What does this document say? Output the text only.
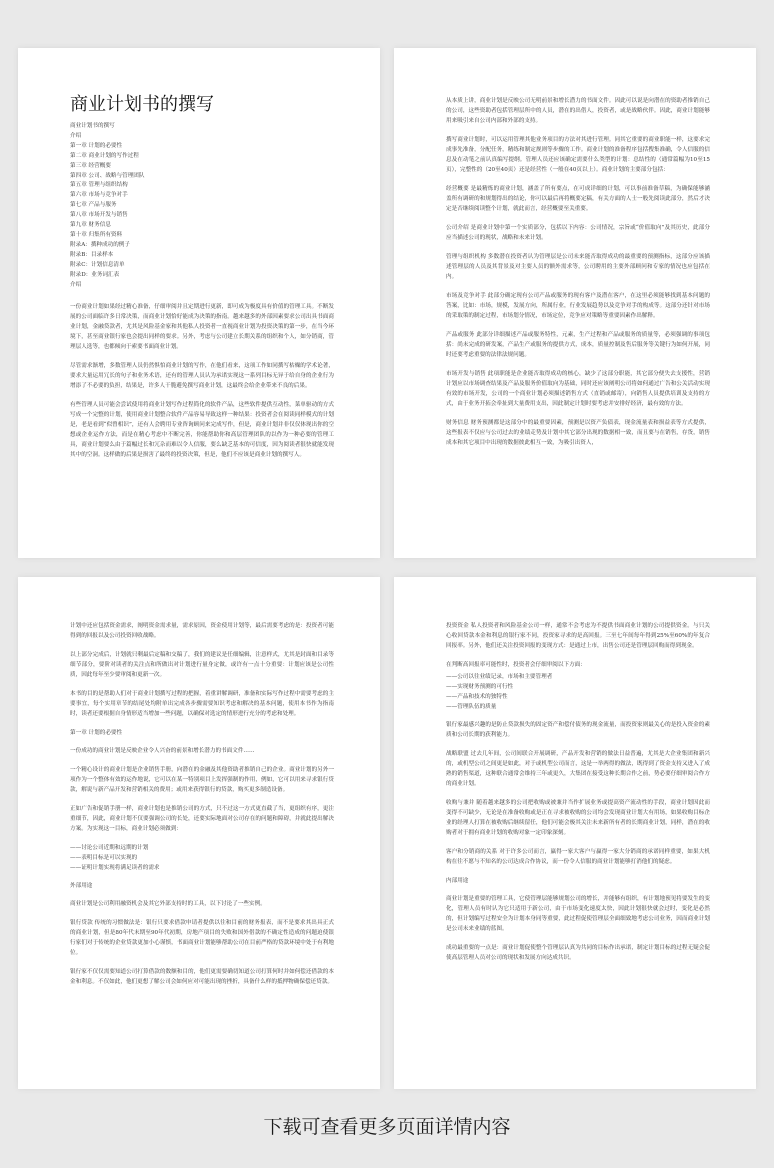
商业计划书的撰写
商业计划书的撰写
介绍
第一章 计划的必要性
第二章 商业计划的写作过程
第三章 经营概要
第四章 公司、战略与管理团队
第五章 管理与组织结构
第六章 市场与竞争对手
第七章 产品与服务
第八章 市场开发与销售
第九章 财务信息
第十章 归集所有资料
附录A：撰种成功的例子
附录B：目录样本
附录C：计划信息清单
附录D：业务词汇表
介绍

一份商业计划如果经过精心准备，仔细审阅并且定期进行更新，即可成为极度具有价值的管理工具。不断发展的公司面临许多日常决策，而商业计划恰好能成为决策的指南。越来越多的外部因素要求公司出具书面商业计划，金融贷款者，尤其是风险基金家和其他私人投资者一直视商业计划为投资决策的第一步，在当今环境下，甚至商业银行家也会提出同样的要求。另外，考虑与公司建立长期关系的组织和个人，如分销商，管理层人选等，也都倾向于索要书面商业计划。

尽管需求渐增，多数管理人员仍然惧怕商业计划的写作，在他们看来，这项工作如同撰写枯燥的学术论著，要求大量运用冗长的句子和业务术语，还有的管理人员认为承诺实现这一系列目标无异于给自身的企业行为增添了不必要的负担，结果是，许多人干脆避免撰写商业计划，这最终会给企业带来不良的后果。

有些管理人员可能会尝试使用将商业计划写作过程简化的软件产品，这些软件提供互动性，菜单驱动的方式写成一个完整的计划，使用商业计划整合软件产品容易导致这样一种结果：投资者会在阅读同样模式的计划是，老是看到“似曾相识”，还有人会聘用专业咨询顾问来完成写作，但是，商业计划并非仅仅体现出你的空想或企业运作方法，而是在精心考虑中不断完善，你能帮助你和高层管理团队的以作为一种必要的管理工具，商业计划要么由于篇幅过长和冗杂而难以令人信服，要么缺乏基本的可信度，因为阅读者很快就能发现其中的空洞。这样做的后果是损害了最终的投资决策，但是，他们不应该是商业计划的撰写人。

从本质上讲，商业计划是反映公司无明前景和增长潜力的书面文件。因此可以说是向潜在的资助者推销自己的公司，这些资助者包括管理层所中的人员，潜在的出借人，投资者，或是战略伙伴。因此，商业计划能够用来吸引来自公司内部和外部的支持。

撰写商业计划时，可以运用管理其他业务项目的方法对其进行管理。同其它重要的商业职能一样，这要求完成事先准备，分配任务，精练和制定规则等步骤的工作。商业计划的准备程序包括搜集准确，令人信服的信息及在动笔之前认真编写提纲。管理人员还应该确定需要什么类型的计划：总结性的（通常篇幅为10至15页），完整性的（20至40页）还是经营性（一般在40页以上）。商业计划的主要部分包括：

经营概要 是最精炼的商业计划，涵盖了所有要点，在可成详细的计划，可以事前准备草稿，为确保能够涵盖所有调研的和规划得出的结论，你可以最后再将概要定稿，有关方面的人士一般先阅读此部分，然后才决定是否继续阅读整个计划，就此而言，经营概要至关重要。

公司介绍 是商业计划中第一个实质部分，包括以下内容：公司情况，宗旨或“价值取向”及其历史，此部分应当描述公司的现状，战略和未来计划。

管理与组织机构 多数潜在投资者认为管理层是公司未来能否取得成功的最重要的预测指标，这部分应该描述管理层的人员及其背景及对主要人员的额外需求等，公司聘用的主要外部顾问和专家的情况也应包括在内。

市场及竞争对手 此部分确定现有公司产品或服务的现有客户及潜在客户，在这里必须能够找到基本问题的答案，比如：市场，规模，发展方向，所属行业，行业发展趋势以及竞争对手的构成等。这部分还针对市场的采取策的制定过程，市场划分情况，市场定位，竞争应对策略等重要因素作出解释。

产品或服务 此部分详细描述产品或服务特性，元素，生产过程和产品或服务的质量等，必须强调的事项包括：尚未完成的研发案，产品生产或服务的提供方式，成本，质量控制及售后服务等关键行为如何开展，同时还要考虑重要的法律法规问题。

市场开发与销售 此项职能是企业能否取得成功的核心，缺少了这部分职能，其它部分便失去支援性，营销计划应以市场调查结果及产品及服务价值取向为基础，同时还应该阐明公司将如何通过广告和公关活动实现有效的市场开发，公司的一个商业计划必须描述销售方式（直销或邮寄），向销售人员提供培训及支持的方式，由于业务开拓会牵扯到大量费用支出，因此制定计划时要考虑并安排好经济，最有效的方法。

财务信息 财务预测都是这部分中的最重要因素，预测是以资产负债表，现金流量表和损益表等方式提供，这些报表不仅应与公司过去的业绩走势及计划中其它部分出现的数据相一致，而且要与在销售，存货，销售成本和其它项目中出现的数据彼此相互一致，为吸引出资人，

计划中还应包括资金需求，阐明资金需求量，需求原因，资金使用计划等，最后需要考虑的是：投资者可能得到的回报以及公司投资回收战略。

以上部分完成后，计划就只剩最后定稿和交稿了，我们的建议是任细编辑，注意样式，尤其是封面和目录等细节部分，要阶对读者的关注点和所做出对计划进行量身定做，或许有一点十分重要：计划应该是公司性质，因此每年至少要审阅和更新一次。

本书的目的是帮助人们对于商业计划撰写过程的把握，着重讲解调研，准备和实际写作过程中需要考虑的主要事宜，每个实用章节的结尾处均附单出完成各步骤需要知识考虑和解决的基本问题，使用本书作为指南时，读者还要根据自身情形适当增加一些问题，以确保对选定的情形进行充分的考虑和处理。

第一章 计划的必要性

一份成功的商业计划是反映企业令人兴奋的前景和增长潜力的书面文件……

一个精心设计的商业计划是企业销售手册，向潜在的金融及其他资助者推销自己的企业。商业计划的另外一项作为一个整体有效的运作地说，它可以在某一特别项目上发挥强制的作用，例如，它可以用来寻求银行贷款，解说与新产品开发和营销相关的费用；或用来获得银行的贷款，购买更多制造设备。

正如广告和促销手册一样，商业计划也是推销公司的方式，只不过这一方式更直截了当，更组织有序，更注重细节，因此，商业计划不仅要强调公司的长处，还要实际地面对公司存在的问题和障碍，并就此提出解决方案。为实现这一目标，商业计划必须做到：

——讨论公司近期和远期的计划
——表明目标是可以实现的
——证明计划实现将满足读者的需求
外部用途

商业计划是公司利用融资机会及其它外部支持时的工具，以下讨论了一些实例。

银行贷款 传统的习惯做法是：银行只要求借款申请者提供以往和目前的财务报表，而不是要求其出具正式的商业计划，但是80年代末期至90年代初期，房地产项目的失败和国外借款的不确定性造成的问题迫使银行家们对于传统的企业贷款更加小心谨慎，书面商业计划能够帮助公司在目前严格的贷款环境中处于有利地位。

银行家不仅仅需要知道公司打算借款的数额和目的，他们更需要确切知道公司打算何时并如何偿还借款的本金和利息。不仅如此，他们更想了解公司会如何应对可能出现的挫折，具备什么样的抵押物确保偿还贷款。

投资资金 私人投资者和风险基金公司一样，通常不会考虑为不提供书面商业计划的公司提供资金。与只关心收回贷款本金和利息的银行家不同，投资家寻求的是高回报。三至七年间每年得到25%至60%的年复合回报率。另外，他们还关注投资回报的变现方式：是通过上市，出售公司还是管理层回购而得到现金。

在判断高回报率可能性时，投资者会仔细审阅以下方面：

——公司以往业绩记录，市场和主要管理者
——实现财务预测的可行性
——产品和技术的独特性
——管理队伍的质量

银行家最感兴趣的是防止贷款损失的固定资产和偿付债务的现金流量，而投资家则最关心的是投入资金的素质和公司长期的获利能力。

战略联盟 过去几年间，公司间联合开展调研，产品开发和营销的做法日益普遍，尤其是大企业集团和新兴的，或机型公司之间更是如此，对于或机型公司而言，这是一举两得的做法，既得到了资金支持又进入了成熟的销售渠道，这种联合通常会维持三年或更久，大集团在接受这种长期合作之前，势必要仔细审阅合作方的商业计划。

收购与兼并 随着越来越多的公司把收购或被兼并当作扩展业务或提高资产流动性的手段，商业计划因此而变得不可缺少，无论是在准备收购或是正在寻求被收购的公司均会发现商业计划大有用场，如果收购目标企业的经理人打算在被收购后继续留任，他们可能会极其关注未来新所有者的长期商业计划，同样，潜在的收购者对于拥有商业计划的收购对象一定印象深刻。

客户和分销商的关系 对于许多公司而言，赢得一家大客户与赢得一家大分销商的承诺同样重要，如果大机构在往不愿与不知名的公司达成合作协议，而一份令人信服的商业计划能够打消他们的疑虑。

内部用途

商业计划是重要的管理工具，它使管理层能够规划公司的增长，并能够有组织，有计划地预见将要发生的变化，管理人员有时认为它只适用于新公司，由于市场变化速度太快，因此计划很快就会过时，变化是必然的，但计划编写过程安全为计划本身同等重要，此过程促使管理层全面细致地考虑公司业务，因而商业计划是公司未来业绩的蓝图。

成功最重要的一点是：商业计划促使整个管理层认真为共同的目标作出承诺，制定计划目标的过程无疑会促使高层管理人员对公司的现状和发展方向达成共识。

下载可查看更多页面详情内容
